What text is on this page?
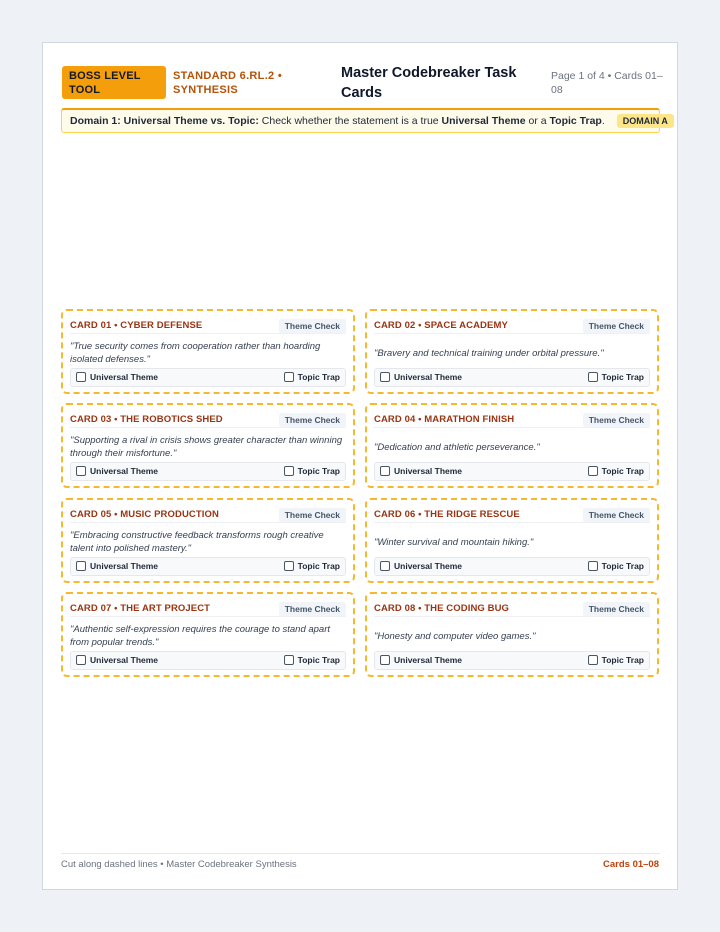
BOSS LEVEL TOOL
STANDARD 6.RL.2 • SYNTHESIS
Master Codebreaker Task Cards
Page 1 of 4 • Cards 01–08
Domain 1: Universal Theme vs. Topic:
Check whether the statement is a true
Universal Theme
or a
Topic Trap .	DOMAIN A
CARD 01 • CYBER DEFENSE	Theme Check
"True security comes from cooperation rather than hoarding isolated defenses."
Universal Theme	Topic Trap
CARD 02 • SPACE ACADEMY	Theme Check
"Bravery and technical training under orbital pressure."
Universal Theme	Topic Trap
CARD 03 • THE ROBOTICS SHED	Theme Check
"Supporting a rival in crisis shows greater character than winning through their misfortune."
Universal Theme	Topic Trap
CARD 04 • MARATHON FINISH	Theme Check
"Dedication and athletic perseverance."
Universal Theme	Topic Trap
CARD 05 • MUSIC PRODUCTION	Theme Check
"Embracing constructive feedback transforms rough creative talent into polished mastery."
Universal Theme	Topic Trap
CARD 06 • THE RIDGE RESCUE	Theme Check
"Winter survival and mountain hiking."
Universal Theme	Topic Trap
CARD 07 • THE ART PROJECT	Theme Check
"Authentic self-expression requires the courage to stand apart from popular trends."
Universal Theme	Topic Trap
CARD 08 • THE CODING BUG	Theme Check
"Honesty and computer video games."
Universal Theme	Topic Trap
Cut along dashed lines • Master Codebreaker Synthesis	Cards 01–08
